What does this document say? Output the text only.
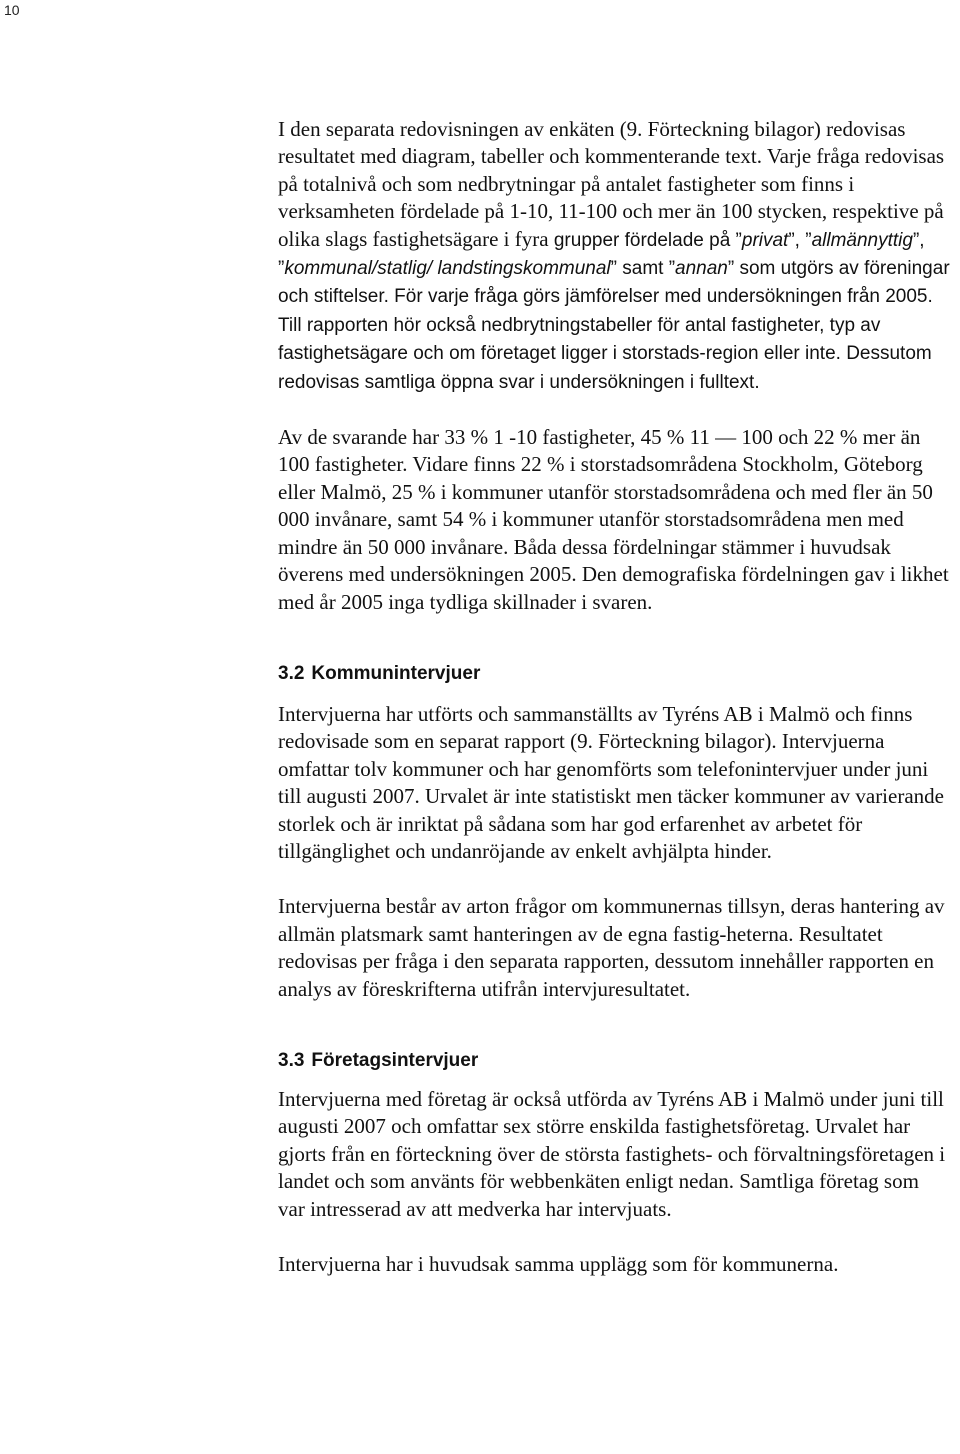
10

I den separata redovisningen av enkäten (9. Förteckning bilagor) redovisas resultatet med diagram, tabeller och kommenterande text. Varje fråga redovisas på totalnivå och som nedbrytningar på antalet fastigheter som finns i verksamheten fördelade på 1-10, 11-100 och mer än 100 stycken, respektive på olika slags fastighetsägare i fyra grupper fördelade på ”privat”, ”allmännyttig”, ”kommunal/statlig/ landstingskommunal” samt ”annan” som utgörs av föreningar och stiftelser. För varje fråga görs jämförelser med undersökningen från 2005. Till rapporten hör också nedbrytningstabeller för antal fastigheter, typ av fastighetsägare och om företaget ligger i storstads-region eller inte. Dessutom redovisas samtliga öppna svar i undersökningen i fulltext.

Av de svarande har 33 % 1 -10 fastigheter, 45 % 11 — 100 och 22 % mer än 100 fastigheter. Vidare finns 22 % i storstadsområdena Stockholm, Göteborg eller Malmö, 25 % i kommuner utanför storstadsområdena och med fler än 50 000 invånare, samt 54 % i kommuner utanför storstadsområdena men med mindre än 50 000 invånare. Båda dessa fördelningar stämmer i huvudsak överens med undersökningen 2005. Den demografiska fördelningen gav i likhet med år 2005 inga tydliga skillnader i svaren.

3.2 Kommunintervjuer

Intervjuerna har utförts och sammanställts av Tyréns AB i Malmö och finns redovisade som en separat rapport (9. Förteckning bilagor). Intervjuerna omfattar tolv kommuner och har genomförts som telefonintervjuer under juni till augusti 2007. Urvalet är inte statistiskt men täcker kommuner av varierande storlek och är inriktat på sådana som har god erfarenhet av arbetet för tillgänglighet och undanröjande av enkelt avhjälpta hinder.

Intervjuerna består av arton frågor om kommunernas tillsyn, deras hantering av allmän platsmark samt hanteringen av de egna fastig-heterna. Resultatet redovisas per fråga i den separata rapporten, dessutom innehåller rapporten en analys av föreskrifterna utifrån intervjuresultatet.

3.3 Företagsintervjuer

Intervjuerna med företag är också utförda av Tyréns AB i Malmö under juni till augusti 2007 och omfattar sex större enskilda fastighetsföretag. Urvalet har gjorts från en förteckning över de största fastighets- och förvaltningsföretagen i landet och som använts för webbenkäten enligt nedan. Samtliga företag som var intresserad av att medverka har intervjuats.

Intervjuerna har i huvudsak samma upplägg som för kommunerna.
